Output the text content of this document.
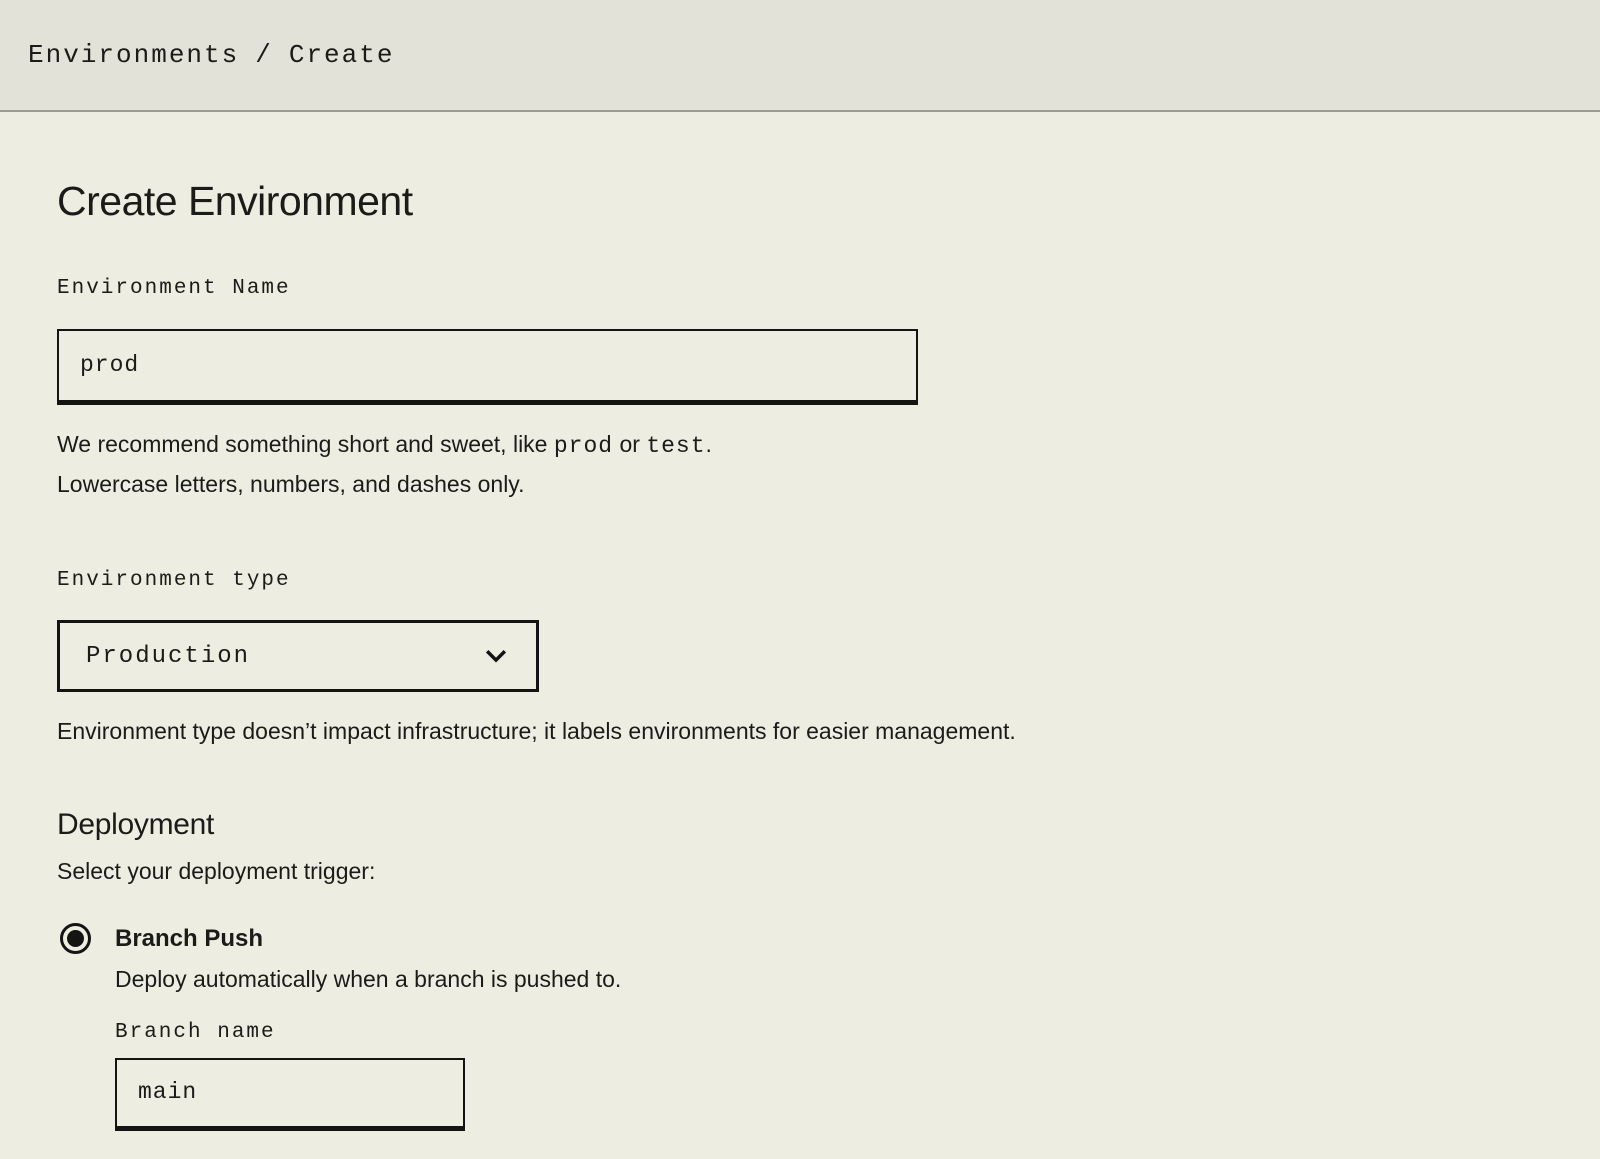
Environments / Create
Create Environment
Environment Name
prod

We recommend something short and sweet, like prod or test.
Lowercase letters, numbers, and dashes only.

Environment type
Production

Environment type doesn’t impact infrastructure; it labels environments for easier management.

Deployment

Select your deployment trigger:

Branch Push
Deploy automatically when a branch is pushed to.
Branch name
main
